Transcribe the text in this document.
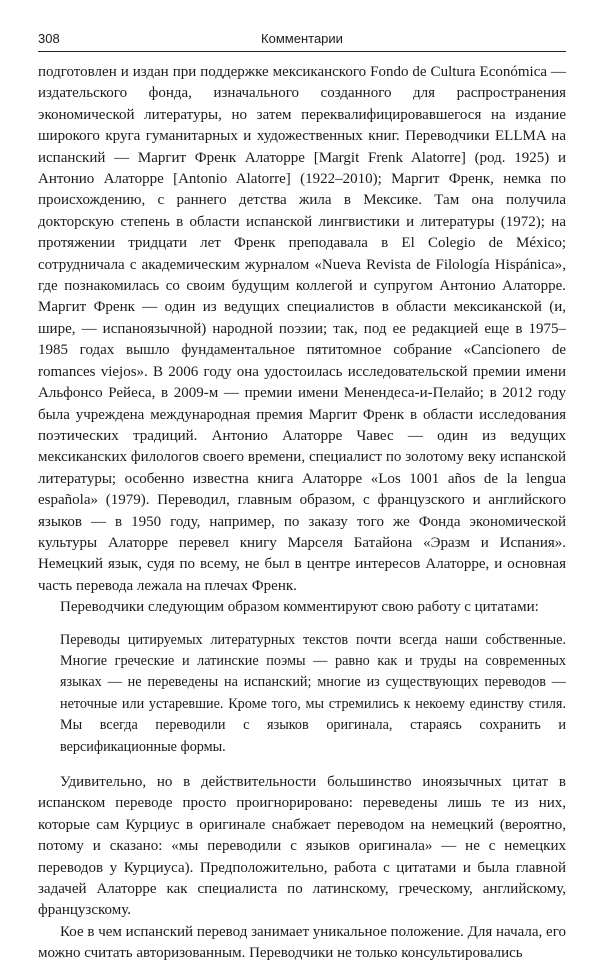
308	Комментарии

подготовлен и издан при поддержке мексиканского Fondo de Cultura Económica — издательского фонда, изначального созданного для распространения экономической литературы, но затем переквалифицировавшегося на издание широкого круга гуманитарных и художественных книг. Переводчики ELLMA на испанский — Маргит Френк Алаторре [Margit Frenk Alatorre] (род. 1925) и Антонио Алаторре [Antonio Alatorre] (1922–2010); Маргит Френк, немка по происхождению, с раннего детства жила в Мексике. Там она получила докторскую степень в области испанской лингвистики и литературы (1972); на протяжении тридцати лет Френк преподавала в El Colegio de México; сотрудничала с академическим журналом «Nueva Revista de Filología Hispánica», где познакомилась со своим будущим коллегой и супругом Антонио Алаторре. Маргит Френк — один из ведущих специалистов в области мексиканской (и, шире, — испаноязычной) народной поэзии; так, под ее редакцией еще в 1975–1985 годах вышло фундаментальное пятитомное собрание «Cancionero de romances viejos». В 2006 году она удостоилась исследовательской премии имени Альфонсо Рейеса, в 2009-м — премии имени Менендеса-и-Пелайо; в 2012 году была учреждена международная премия Маргит Френк в области исследования поэтических традиций. Антонио Алаторре Чавес — один из ведущих мексиканских филологов своего времени, специалист по золотому веку испанской литературы; особенно известна книга Алаторре «Los 1001 años de la lengua española» (1979). Переводил, главным образом, с французского и английского языков — в 1950 году, например, по заказу того же Фонда экономической культуры Алаторре перевел книгу Марселя Батайона «Эразм и Испания». Немецкий язык, судя по всему, не был в центре интересов Алаторре, и основная часть перевода лежала на плечах Френк.

Переводчики следующим образом комментируют свою работу с цитатами:

Переводы цитируемых литературных текстов почти всегда наши собственные. Многие греческие и латинские поэмы — равно как и труды на современных языках — не переведены на испанский; многие из существующих переводов — неточные или устаревшие. Кроме того, мы стремились к некоему единству стиля. Мы всегда переводили с языков оригинала, стараясь сохранить и версификационные формы.

Удивительно, но в действительности большинство иноязычных цитат в испанском переводе просто проигнорировано: переведены лишь те из них, которые сам Курциус в оригинале снабжает переводом на немецкий (вероятно, потому и сказано: «мы переводили с языков оригинала» — не с немецких переводов у Курциуса). Предположительно, работа с цитатами и была главной задачей Алаторре как специалиста по латинскому, греческому, английскому, французскому.

Кое в чем испанский перевод занимает уникальное положение. Для начала, его можно считать авторизованным. Переводчики не только консультировались
